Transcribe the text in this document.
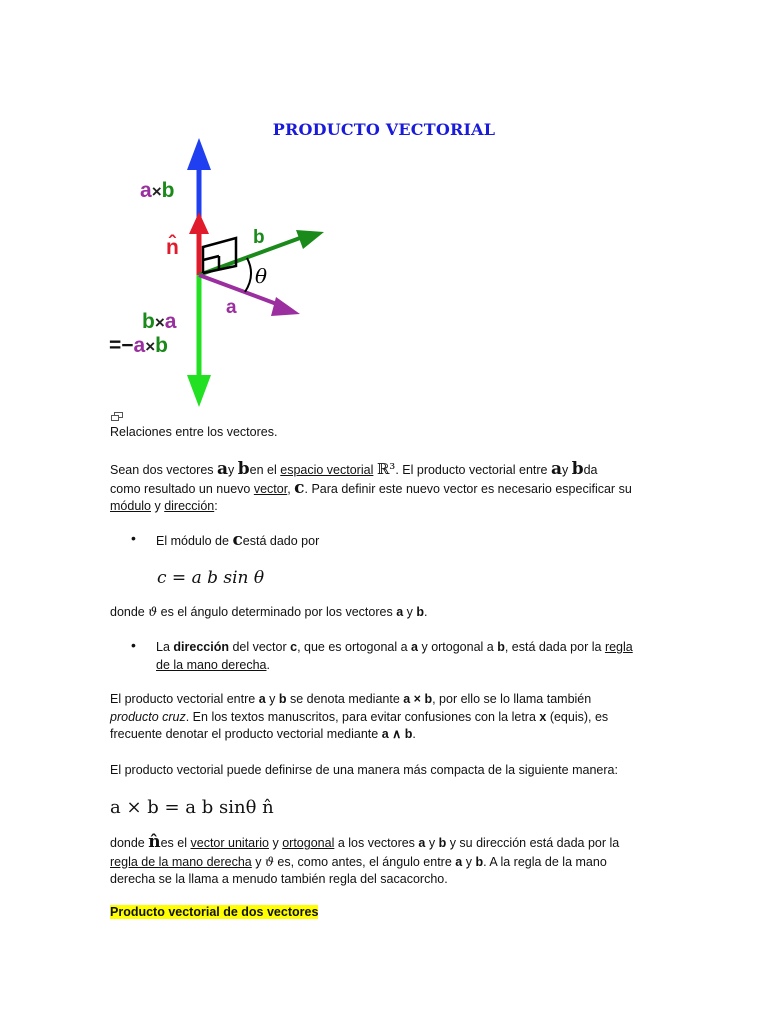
PRODUCTO VECTORIAL
a×b
n̂	b
θ
a
b×a
=−a×b
Relaciones entre los vectores.
Sean dos vectores ay ben el espacio vectorial ℝ³. El producto vectorial entre ay bda
como resultado un nuevo vector, c. Para definir este nuevo vector es necesario especificar su
módulo y dirección:
• El módulo de cestá dado por
c = a b sin θ
donde ϑ es el ángulo determinado por los vectores a y b.
• La dirección del vector c, que es ortogonal a a y ortogonal a b, está dada por la regla
de la mano derecha.
El producto vectorial entre a y b se denota mediante a × b, por ello se lo llama también
producto cruz. En los textos manuscritos, para evitar confusiones con la letra x (equis), es
frecuente denotar el producto vectorial mediante a ∧ b.
El producto vectorial puede definirse de una manera más compacta de la siguiente manera:
a × b = a b sinθ n̂
donde n̂es el vector unitario y ortogonal a los vectores a y b y su dirección está dada por la
regla de la mano derecha y ϑ es, como antes, el ángulo entre a y b. A la regla de la mano
derecha se la llama a menudo también regla del sacacorcho.
Producto vectorial de dos vectores
